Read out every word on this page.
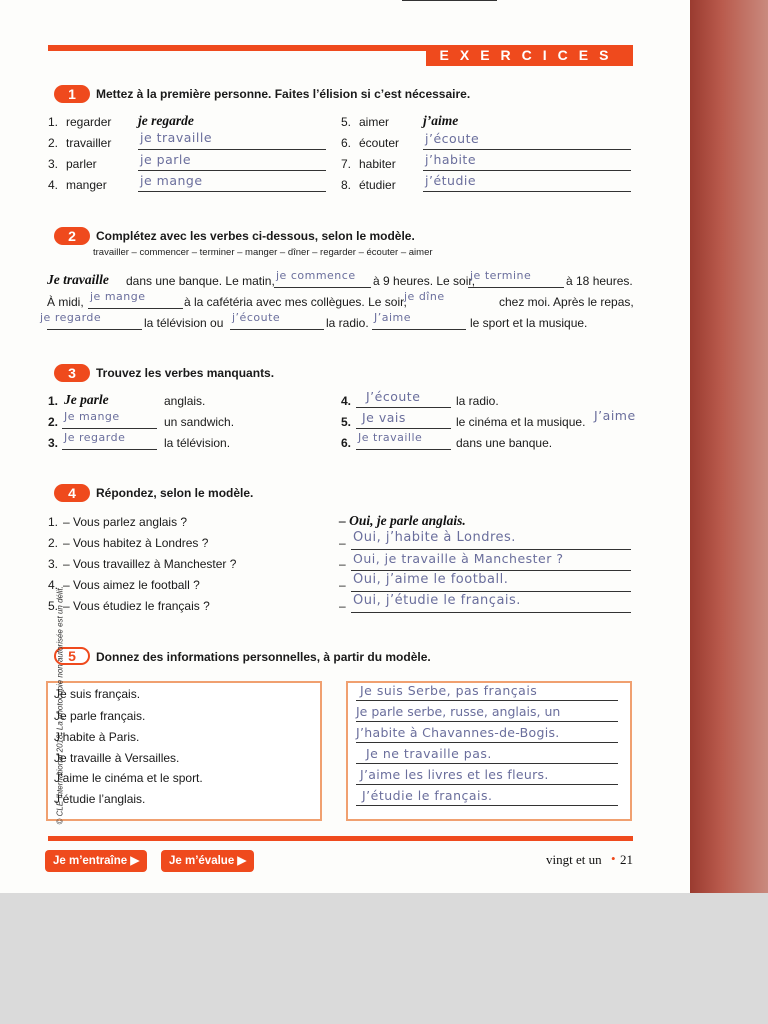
EXERCICES
1	Mettez à la première personne. Faites l’élision si c’est nécessaire.
1. regarder je regarde
2. travailler je travaille
3. parler	je parle
4. manger	je mange
5. aimer	j’aime
6. écouter j’écoute
7. habiter j’habite
8. étudier j’étudie
2	Complétez avec les verbes ci-dessous, selon le modèle.
travailler – commencer – terminer – manger – dîner – regarder – écouter – aimer
Je travaille dans une banque. Le matin, je commence à 9 heures. Le soir,
je termine	à 18 heures.
À midi, je mange	à la cafétéria avec mes collègues. Le soir,
je dîne	chez moi. Après le repas,
je regarde	la télévision ou j’écoute	la radio. J’aime	le sport et la musique.
3	Trouvez les verbes manquants.
1. Je parle	anglais.
2. Je mange	un sandwich.
3. Je regarde	la télévision.
4. J’écoute	la radio.
5. Je vais	le cinéma et la musique. J’aime
6. Je travaille	dans une banque.
4	Répondez, selon le modèle.
1. – Vous parlez anglais ?	– Oui, je parle anglais.
2. – Vous habitez à Londres ?	– Oui, j’habite à Londres.
3. – Vous travaillez à Manchester ?	– Oui, je travaille à Manchester ?
4. – Vous aimez le football ?	– Oui, j’aime le football.
5. – Vous étudiez le français ?	– Oui, j’étudie le français.
5	Donnez des informations personnelles, à partir du modèle.
Je suis français.
Je parle français.
J’habite à Paris.
Je travaille à Versailles.
J’aime le cinéma et le sport.
J’étudie l’anglais.
Je suis Serbe, pas français
Je parle serbe, russe, anglais, un
J’habite à Chavannes-de-Bogis.
Je ne travaille pas.
J’aime les livres et les fleurs.
J’étudie le français.
Je m’entraîne ▶	Je m’évalue ▶	vingt et un • 21
© CLE International 2018. La photocopie non autorisée est un délit.
